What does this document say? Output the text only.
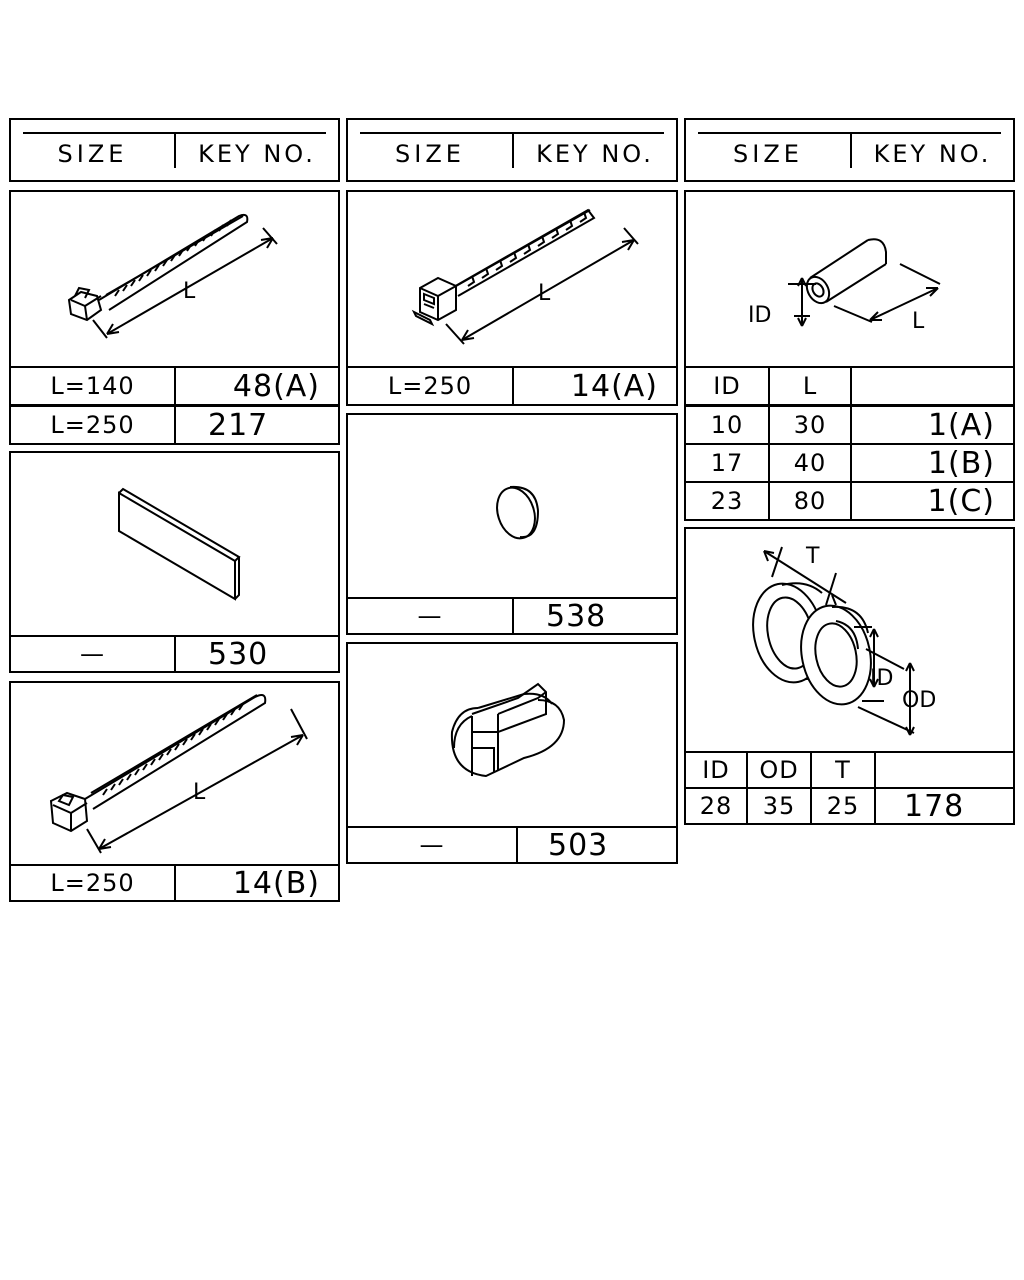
SIZE	KEY NO.	SIZE	KEY NO.	SIZE	KEY NO.
L
L=140	48(A)
L=250	217
—	530
L
L=250	14(B)
L
L=250	14(A)
—	538
—	503
ID	L
ID	L
10	30	1(A)
17	40	1(B)
23	80	1(C)
T
ID
OD
ID	OD	T
28	35	25	178
